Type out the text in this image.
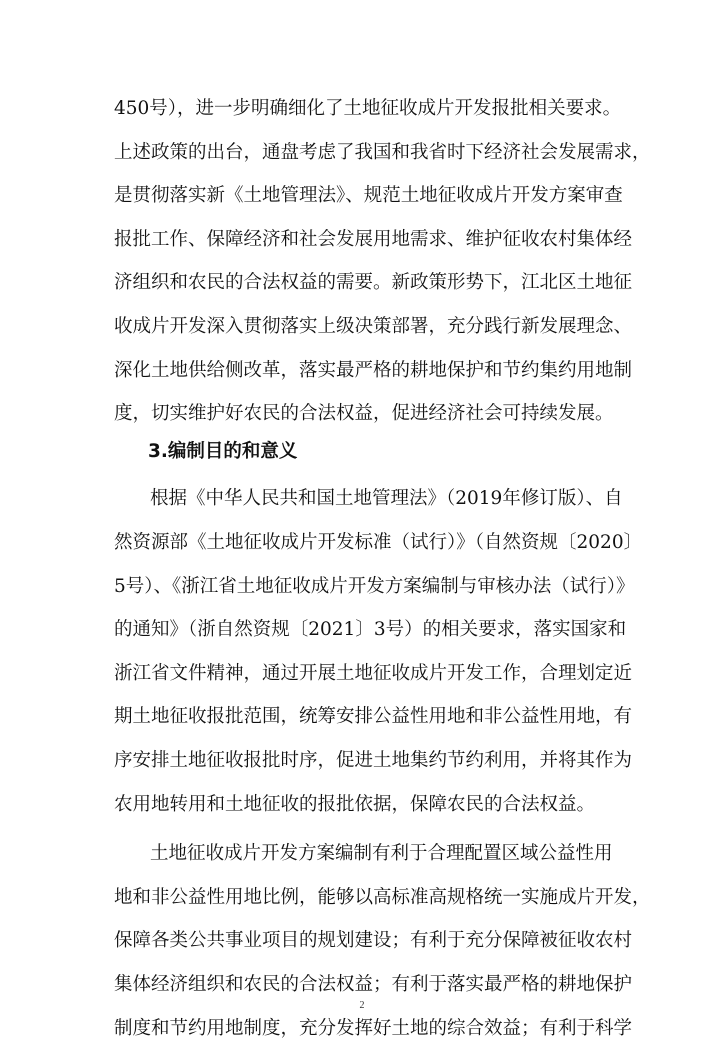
450号），进一步明确细化了土地征收成片开发报批相关要求。
上述政策的出台，通盘考虑了我国和我省时下经济社会发展需求，
是贯彻落实新《土地管理法》、规范土地征收成片开发方案审查
报批工作、保障经济和社会发展用地需求、维护征收农村集体经
济组织和农民的合法权益的需要。新政策形势下，江北区土地征
收成片开发深入贯彻落实上级决策部署，充分践行新发展理念、
深化土地供给侧改革，落实最严格的耕地保护和节约集约用地制
度，切实维护好农民的合法权益，促进经济社会可持续发展。
3.编制目的和意义
根据《中华人民共和国土地管理法》（2019年修订版）、自
然资源部《土地征收成片开发标准（试行）》（自然资规〔2020〕
5号）、《浙江省土地征收成片开发方案编制与审核办法（试行）》
的通知》（浙自然资规〔2021〕3号）的相关要求，落实国家和
浙江省文件精神，通过开展土地征收成片开发工作，合理划定近
期土地征收报批范围，统筹安排公益性用地和非公益性用地，有
序安排土地征收报批时序，促进土地集约节约利用，并将其作为
农用地转用和土地征收的报批依据，保障农民的合法权益。
土地征收成片开发方案编制有利于合理配置区域公益性用
地和非公益性用地比例，能够以高标准高规格统一实施成片开发，
保障各类公共事业项目的规划建设；有利于充分保障被征收农村
集体经济组织和农民的合法权益；有利于落实最严格的耕地保护
制度和节约用地制度，充分发挥好土地的综合效益；有利于科学
2
